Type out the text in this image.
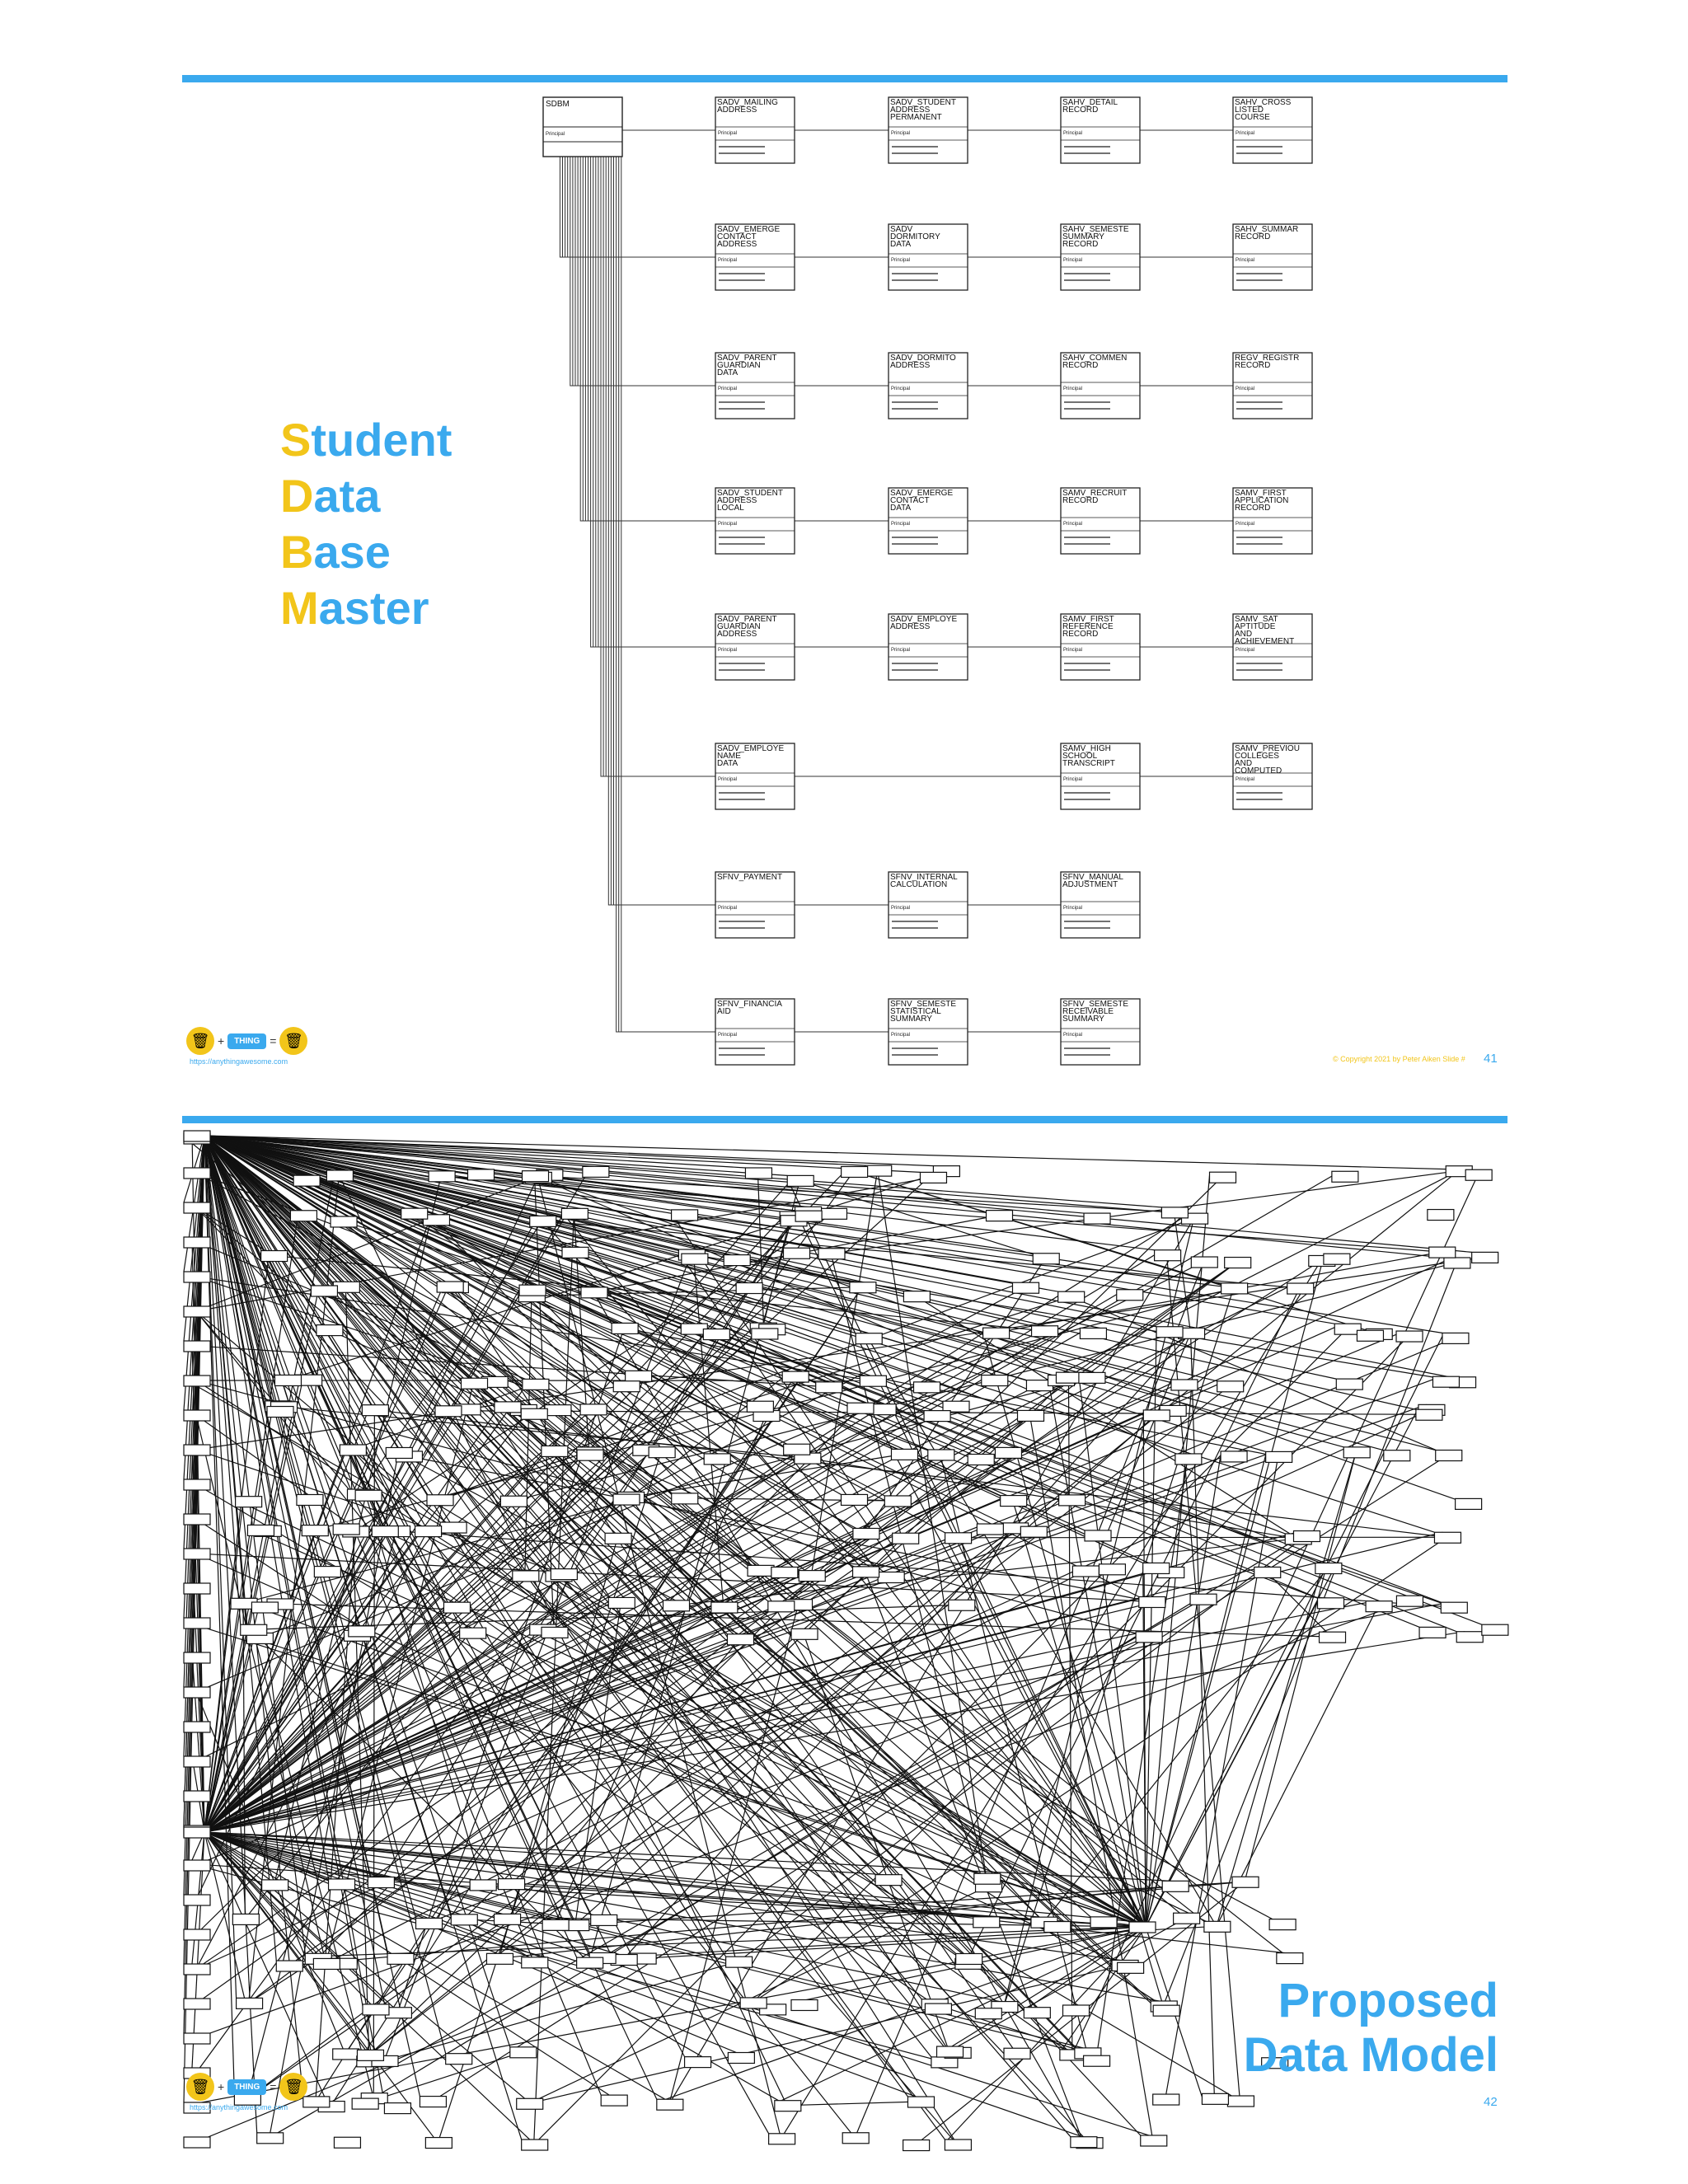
SADV_MAILING
ADDRESS
Principal
SADV_STUDENT
ADDRESS
PERMANENT
Principal
SAHV_DETAIL
RECORD
Principal
SAHV_CROSS
LISTED
COURSE
Principal
SADV_EMERGE
CONTACT
ADDRESS
Principal
SADV
DORMITORY
DATA
Principal
SAHV_SEMESTE
SUMMARY
RECORD
Principal
SAHV_SUMMAR
RECORD
Principal
SADV_PARENT
GUARDIAN
DATA
Principal
SADV_DORMITO
ADDRESS
Principal
SAHV_COMMEN
RECORD
Principal
REGV_REGISTR
RECORD
Principal
SADV_STUDENT
ADDRESS
LOCAL
Principal
SADV_EMERGE
CONTACT
DATA
Principal
SAMV_RECRUIT
RECORD
Principal
SAMV_FIRST
APPLICATION
RECORD
Principal
SADV_PARENT
GUARDIAN
ADDRESS
Principal
SADV_EMPLOYE
ADDRESS
Principal
SAMV_FIRST
REFERENCE
RECORD
Principal
SAMV_SAT
APTITUDE
AND
ACHIEVEMENT
Principal
SADV_EMPLOYE
NAME
DATA
Principal
SAMV_HIGH
SCHOOL
TRANSCRIPT
Principal
SAMV_PREVIOU
COLLEGES
AND
COMPUTED
Principal
SFNV_PAYMENT
Principal
SFNV_INTERNAL
CALCULATION
Principal
SFNV_MANUAL
ADJUSTMENT
Principal
SFNV_FINANCIA
AID
Principal
SFNV_SEMESTE
STATISTICAL
SUMMARY
Principal
SFNV_SEMESTE
RECEIVABLE
SUMMARY
Principal
SDBM
Principal
Student
Data
Base
Master
🗑 +	THING = 🗑
https://anythingawesome.com	© Copyright 2021 by Peter Aiken Slide # 41
🗑 +	THING = 🗑
https://anythingawesome.com	42
Proposed
Data Model
